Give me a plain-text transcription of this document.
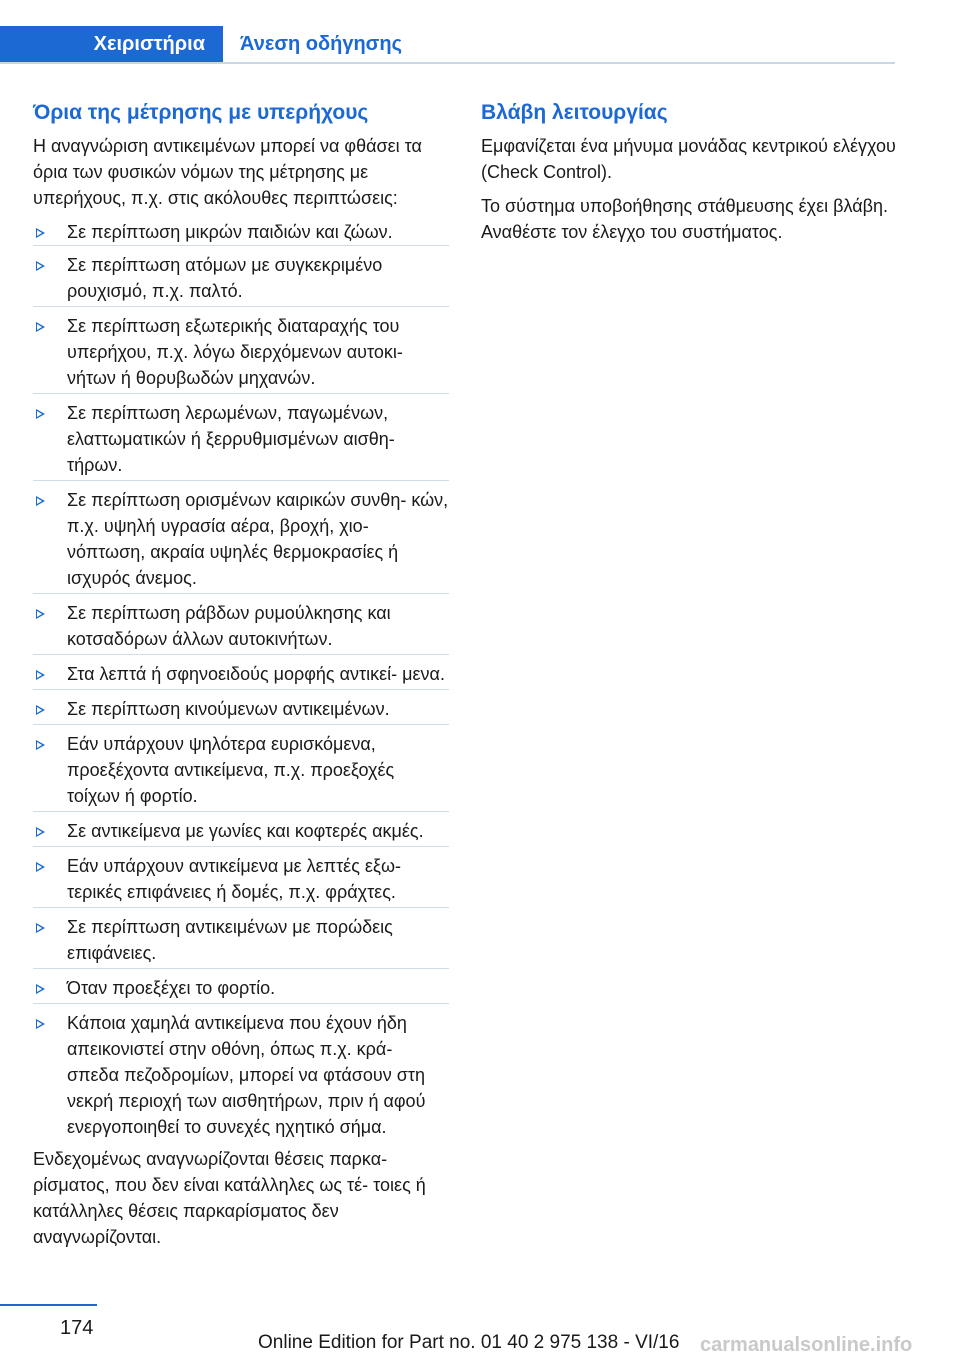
Χειριστήρια	Άνεση οδήγησης
Όρια της μέτρησης με υπερήχους

Η αναγνώριση αντικειμένων μπορεί να φθάσει τα όρια των φυσικών νόμων της μέτρησης με υπερήχους, π.χ. στις ακόλουθες περιπτώσεις:

Σε περίπτωση μικρών παιδιών και ζώων.
Σε περίπτωση ατόμων με συγκεκριμένο ρουχισμό, π.χ. παλτό.
Σε περίπτωση εξωτερικής διαταραχής του υπερήχου, π.χ. λόγω διερχόμενων αυτοκι‐ νήτων ή θορυβωδών μηχανών.
Σε περίπτωση λερωμένων, παγωμένων, ελαττωματικών ή ξερρυθμισμένων αισθη‐ τήρων.
Σε περίπτωση ορισμένων καιρικών συνθη‐ κών, π.χ. υψηλή υγρασία αέρα, βροχή, χιο‐ νόπτωση, ακραία υψηλές θερμοκρασίες ή ισχυρός άνεμος.
Σε περίπτωση ράβδων ρυμούλκησης και κοτσαδόρων άλλων αυτοκινήτων.
Στα λεπτά ή σφηνοειδούς μορφής αντικεί‐ μενα.
Σε περίπτωση κινούμενων αντικειμένων.
Εάν υπάρχουν ψηλότερα ευρισκόμενα, προεξέχοντα αντικείμενα, π.χ. προεξοχές τοίχων ή φορτίο.
Σε αντικείμενα με γωνίες και κοφτερές ακμές.
Εάν υπάρχουν αντικείμενα με λεπτές εξω‐ τερικές επιφάνειες ή δομές, π.χ. φράχτες.
Σε περίπτωση αντικειμένων με πορώδεις επιφάνειες.
Όταν προεξέχει το φορτίο.
Κάποια χαμηλά αντικείμενα που έχουν ήδη απεικονιστεί στην οθόνη, όπως π.χ. κρά‐ σπεδα πεζοδρομίων, μπορεί να φτάσουν στη νεκρή περιοχή των αισθητήρων, πριν ή αφού ενεργοποιηθεί το συνεχές ηχητικό σήμα.

Ενδεχομένως αναγνωρίζονται θέσεις παρκα‐ ρίσματος, που δεν είναι κατάλληλες ως τέ‐ τοιες ή κατάλληλες θέσεις παρκαρίσματος δεν αναγνωρίζονται.

Βλάβη λειτουργίας

Εμφανίζεται ένα μήνυμα μονάδας κεντρικού ελέγχου (Check Control).

Το σύστημα υποβοήθησης στάθμευσης έχει βλάβη. Αναθέστε τον έλεγχο του συστήματος.

174
Online Edition for Part no. 01 40 2 975 138 - VI/16 carmanualsonline.info
